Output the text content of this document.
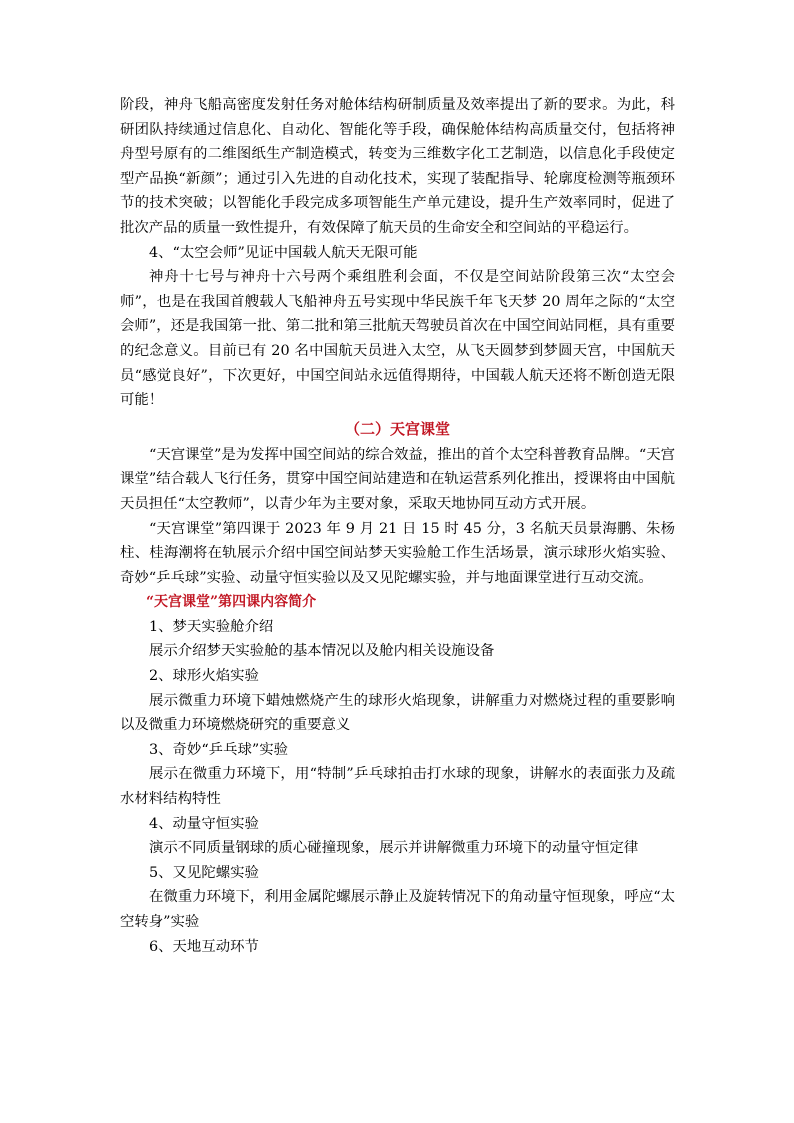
阶段，神舟飞船高密度发射任务对舱体结构研制质量及效率提出了新的要求。为此，科研团队持续通过信息化、自动化、智能化等手段，确保舱体结构高质量交付，包括将神舟型号原有的二维图纸生产制造模式，转变为三维数字化工艺制造，以信息化手段使定型产品换“新颜”；通过引入先进的自动化技术，实现了装配指导、轮廓度检测等瓶颈环节的技术突破；以智能化手段完成多项智能生产单元建设，提升生产效率同时，促进了批次产品的质量一致性提升，有效保障了航天员的生命安全和空间站的平稳运行。

4、“太空会师”见证中国载人航天无限可能

神舟十七号与神舟十六号两个乘组胜利会面，不仅是空间站阶段第三次“太空会师”，也是在我国首艘载人飞船神舟五号实现中华民族千年飞天梦 20 周年之际的“太空会师”，还是我国第一批、第二批和第三批航天驾驶员首次在中国空间站同框，具有重要的纪念意义。目前已有 20 名中国航天员进入太空，从飞天圆梦到梦圆天宫，中国航天员“感觉良好”，下次更好，中国空间站永远值得期待，中国载人航天还将不断创造无限可能！

（二）天宫课堂

“天宫课堂”是为发挥中国空间站的综合效益，推出的首个太空科普教育品牌。“天宫课堂”结合载人飞行任务，贯穿中国空间站建造和在轨运营系列化推出，授课将由中国航天员担任“太空教师”，以青少年为主要对象，采取天地协同互动方式开展。

“天宫课堂”第四课于 2023 年 9 月 21 日 15 时 45 分，3 名航天员景海鹏、朱杨柱、桂海潮将在轨展示介绍中国空间站梦天实验舱工作生活场景，演示球形火焰实验、奇妙“乒乓球”实验、动量守恒实验以及又见陀螺实验，并与地面课堂进行互动交流。

“天宫课堂”第四课内容简介

1、梦天实验舱介绍

展示介绍梦天实验舱的基本情况以及舱内相关设施设备

2、球形火焰实验

展示微重力环境下蜡烛燃烧产生的球形火焰现象，讲解重力对燃烧过程的重要影响以及微重力环境燃烧研究的重要意义

3、奇妙“乒乓球”实验

展示在微重力环境下，用“特制”乒乓球拍击打水球的现象，讲解水的表面张力及疏水材料结构特性

4、动量守恒实验

演示不同质量钢球的质心碰撞现象，展示并讲解微重力环境下的动量守恒定律

5、又见陀螺实验

在微重力环境下，利用金属陀螺展示静止及旋转情况下的角动量守恒现象，呼应“太空转身”实验

6、天地互动环节
